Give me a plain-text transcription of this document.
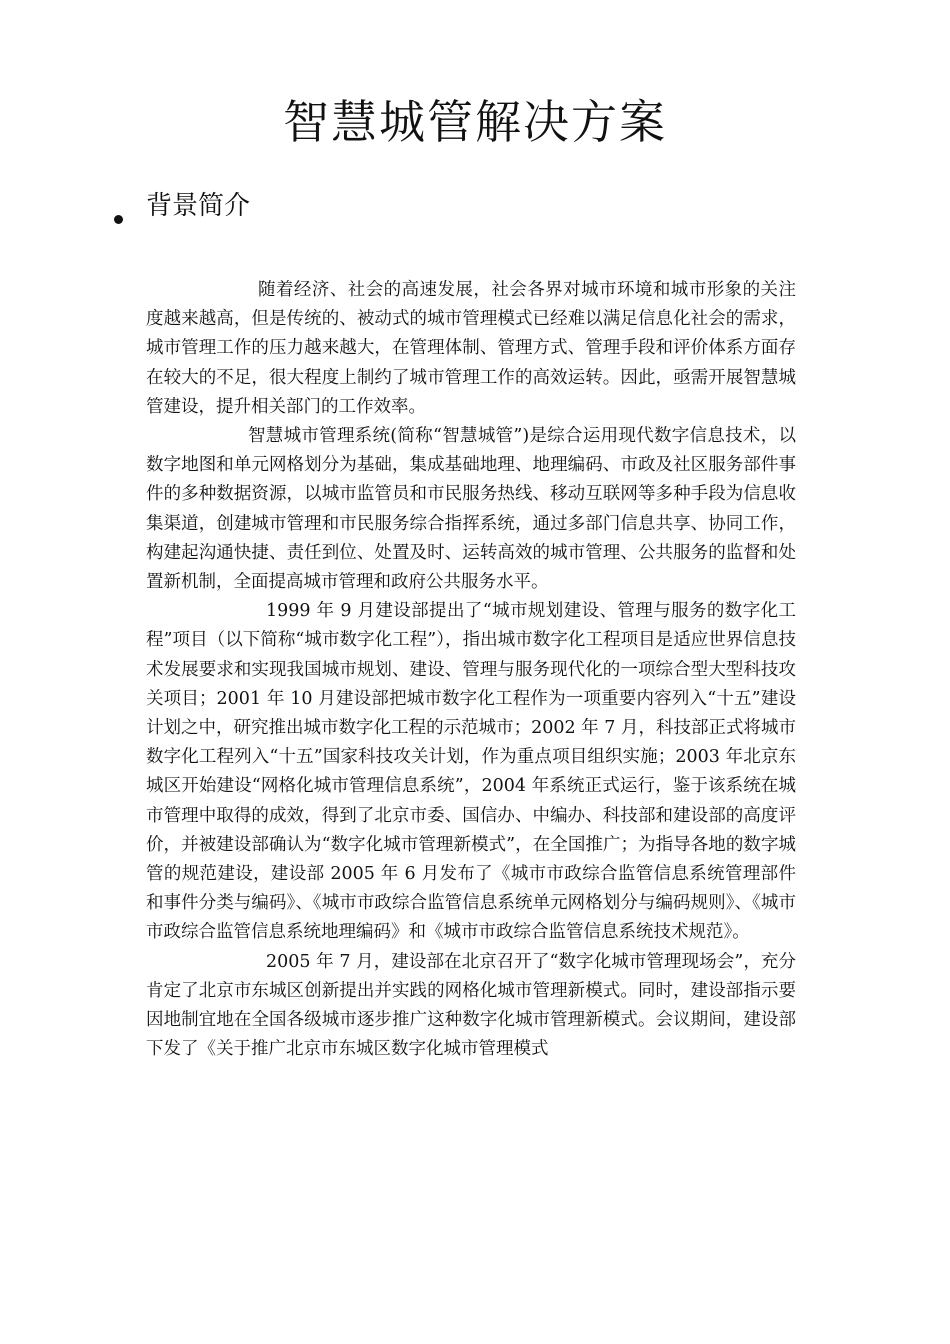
智慧城管解决方案
背景简介

随着经济、社会的高速发展，社会各界对城市环境和城市形象的关注度越来越高，但是传统的、被动式的城市管理模式已经难以满足信息化社会的需求，城市管理工作的压力越来越大，在管理体制、管理方式、管理手段和评价体系方面存在较大的不足，很大程度上制约了城市管理工作的高效运转。因此，亟需开展智慧城管建设，提升相关部门的工作效率。

智慧城市管理系统(简称“智慧城管”)是综合运用现代数字信息技术，以数字地图和单元网格划分为基础，集成基础地理、地理编码、市政及社区服务部件事件的多种数据资源，以城市监管员和市民服务热线、移动互联网等多种手段为信息收集渠道，创建城市管理和市民服务综合指挥系统，通过多部门信息共享、协同工作，构建起沟通快捷、责任到位、处置及时、运转高效的城市管理、公共服务的监督和处置新机制，全面提高城市管理和政府公共服务水平。

1999 年 9 月建设部提出了“城市规划建设、管理与服务的数字化工程”项目（以下简称“城市数字化工程”），指出城市数字化工程项目是适应世界信息技术发展要求和实现我国城市规划、建设、管理与服务现代化的一项综合型大型科技攻关项目；2001 年 10 月建设部把城市数字化工程作为一项重要内容列入“十五”建设计划之中，研究推出城市数字化工程的示范城市；2002 年 7 月，科技部正式将城市数字化工程列入“十五”国家科技攻关计划，作为重点项目组织实施；2003 年北京东城区开始建设“网格化城市管理信息系统”，2004 年系统正式运行，鉴于该系统在城市管理中取得的成效，得到了北京市委、国信办、中编办、科技部和建设部的高度评价，并被建设部确认为“数字化城市管理新模式”，在全国推广；为指导各地的数字城管的规范建设，建设部 2005 年 6 月发布了《城市市政综合监管信息系统管理部件和事件分类与编码》、《城市市政综合监管信息系统单元网格划分与编码规则》、《城市市政综合监管信息系统地理编码》和《城市市政综合监管信息系统技术规范》。

2005 年 7 月，建设部在北京召开了“数字化城市管理现场会”，充分肯定了北京市东城区创新提出并实践的网格化城市管理新模式。同时，建设部指示要因地制宜地在全国各级城市逐步推广这种数字化城市管理新模式。会议期间，建设部下发了《关于推广北京市东城区数字化城市管理模式
